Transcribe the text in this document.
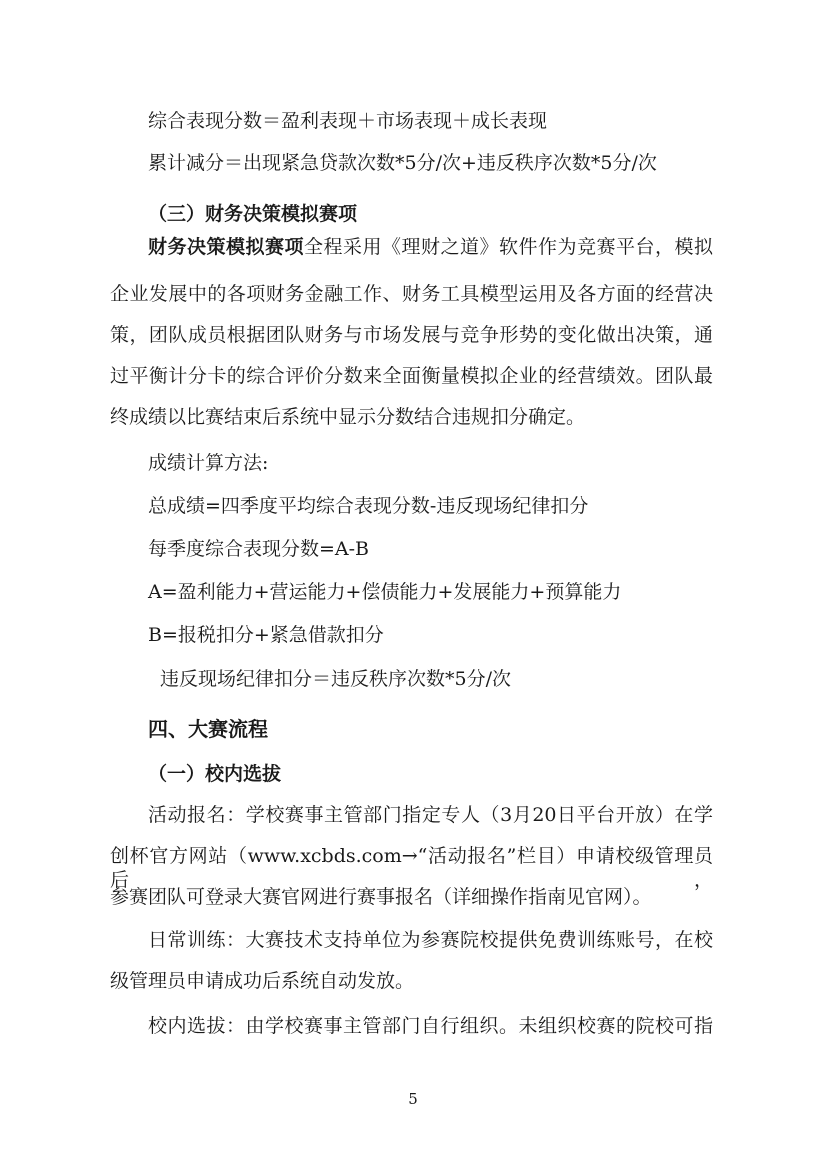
综合表现分数＝盈利表现＋市场表现＋成长表现
累计减分＝出现紧急贷款次数*5分/次+违反秩序次数*5分/次
（三）财务决策模拟赛项
财务决策模拟赛项全程采用《理财之道》软件作为竞赛平台，模拟
企业发展中的各项财务金融工作、财务工具模型运用及各方面的经营决
策，团队成员根据团队财务与市场发展与竞争形势的变化做出决策，通
过平衡计分卡的综合评价分数来全面衡量模拟企业的经营绩效。团队最
终成绩以比赛结束后系统中显示分数结合违规扣分确定。
成绩计算方法:
总成绩=四季度平均综合表现分数-违反现场纪律扣分
每季度综合表现分数=A-B
A=盈利能力+营运能力+偿债能力+发展能力+预算能力
B=报税扣分+紧急借款扣分
违反现场纪律扣分＝违反秩序次数*5分/次
四、大赛流程
（一）校内选拔
活动报名：学校赛事主管部门指定专人（3月20日平台开放）在学
创杯官方网站（www.xcbds.com→“活动报名”栏目）申请校级管理员后，
参赛团队可登录大赛官网进行赛事报名（详细操作指南见官网）。
日常训练：大赛技术支持单位为参赛院校提供免费训练账号，在校
级管理员申请成功后系统自动发放。
校内选拔：由学校赛事主管部门自行组织。未组织校赛的院校可指
5
